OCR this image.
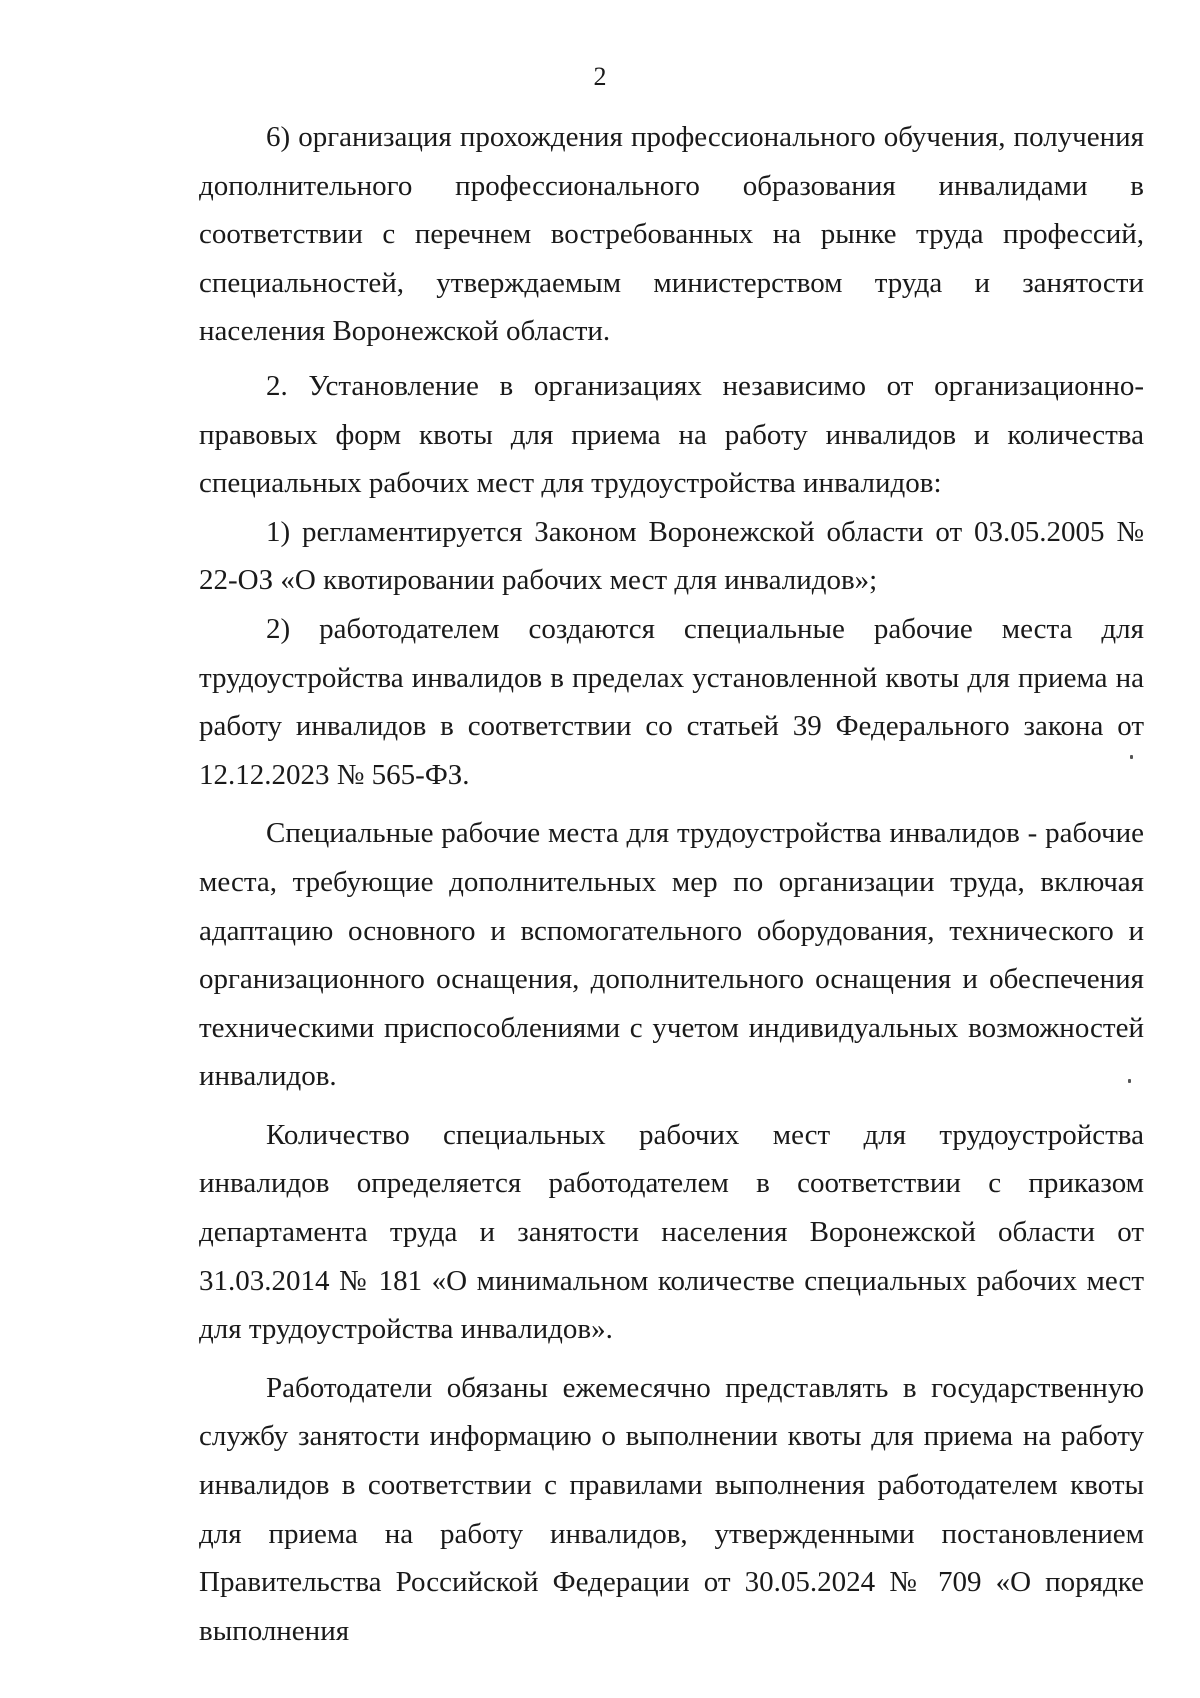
2

6) организация прохождения профессионального обучения, получения дополнительного профессионального образования инвалидами в соответствии с перечнем востребованных на рынке труда профессий, специальностей, утверждаемым министерством труда и занятости населения Воронежской области.

2. Установление в организациях независимо от организационно-правовых форм квоты для приема на работу инвалидов и количества специальных рабочих мест для трудоустройства инвалидов:

1) регламентируется Законом Воронежской области от 03.05.2005 № 22-ОЗ «О квотировании рабочих мест для инвалидов»;

2) работодателем создаются специальные рабочие места для трудоустройства инвалидов в пределах установленной квоты для приема на работу инвалидов в соответствии со статьей 39 Федерального закона от 12.12.2023 № 565-ФЗ.

Специальные рабочие места для трудоустройства инвалидов - рабочие места, требующие дополнительных мер по организации труда, включая адаптацию основного и вспомогательного оборудования, технического и организационного оснащения, дополнительного оснащения и обеспечения техническими приспособлениями с учетом индивидуальных возможностей инвалидов.

Количество специальных рабочих мест для трудоустройства инвалидов определяется работодателем в соответствии с приказом департамента труда и занятости населения Воронежской области от 31.03.2014 № 181 «О минимальном количестве специальных рабочих мест для трудоустройства инвалидов».

Работодатели обязаны ежемесячно представлять в государственную службу занятости информацию о выполнении квоты для приема на работу инвалидов в соответствии с правилами выполнения работодателем квоты для приема на работу инвалидов, утвержденными постановлением Правительства Российской Федерации от 30.05.2024 № 709 «О порядке выполнения
